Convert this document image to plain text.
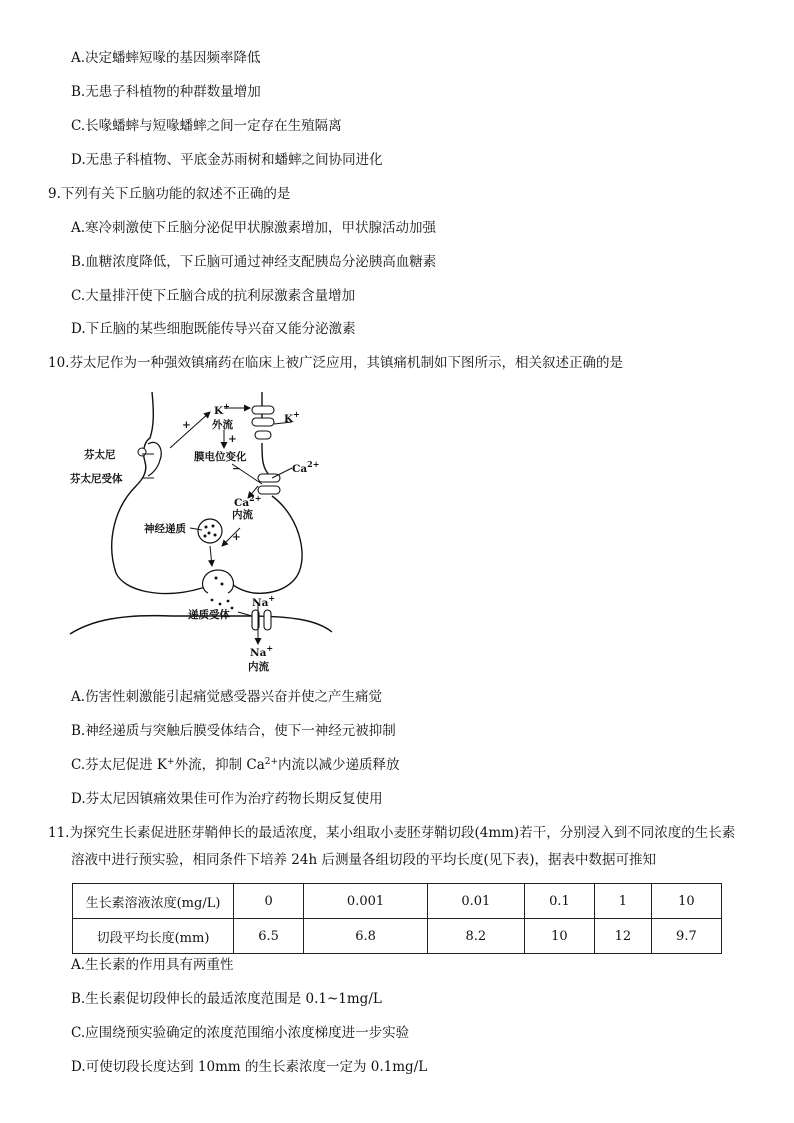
A.决定蟠蟀短喙的基因频率降低
B.无患子科植物的种群数量增加
C.长喙蟠蟀与短喙蟠蟀之间一定存在生殖隔离
D.无患子科植物、平底金苏雨树和蟠蟀之间协同进化
9.下列有关下丘脑功能的叙述不正确的是
A.寒冷刺激使下丘脑分泌促甲状腺激素增加，甲状腺活动加强
B.血糖浓度降低，下丘脑可通过神经支配胰岛分泌胰高血糖素
C.大量排汗使下丘脑合成的抗利尿激素含量增加
D.下丘脑的某些细胞既能传导兴奋又能分泌激素
10.芬太尼作为一种强效镇痛药在临床上被广泛应用，其镇痛机制如下图所示，相关叙述正确的是
K+
外流	K+
+
+
膜电位变化
−	$Ca^{2+}$
$Ca^{2+}$
内流
+
芬太尼
芬太尼受体
神经递质
Na+
递质受体
Na+
内流
A.伤害性刺激能引起痛觉感受器兴奋并使之产生痛觉
B.神经递质与突触后膜受体结合，使下一神经元被抑制
C.芬太尼促进 K+外流，抑制 $Ca^{2+}$内流以减少递质释放
D.芬太尼因镇痛效果佳可作为治疗药物长期反复使用
11.为探究生长素促进胚芽鞘伸长的最适浓度，某小组取小麦胚芽鞘切段(4mm)若干，分别浸入到不同浓度的生长素
溶液中进行预实验，相同条件下培养 24h 后测量各组切段的平均长度(见下表)，据表中数据可推知
生长素溶液浓度(mg/L)	0	0.001	0.01	0.1	1	10
切段平均长度(mm)	6.5	6.8	8.2	10	12	9.7
A.生长素的作用具有两重性
B.生长素促切段伸长的最适浓度范围是 0.1~1mg/L
C.应围绕预实验确定的浓度范围缩小浓度梯度进一步实验
D.可使切段长度达到 10mm 的生长素浓度一定为 0.1mg/L
